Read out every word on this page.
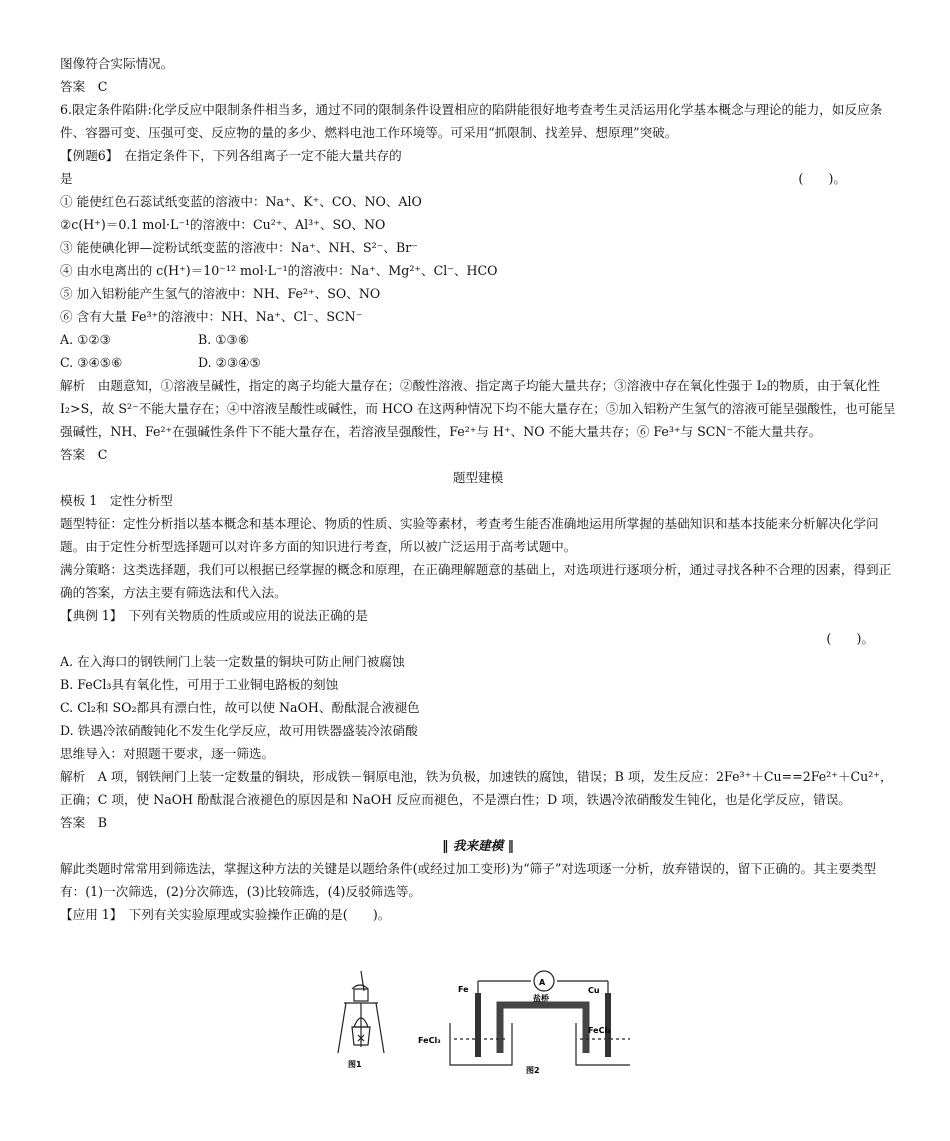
图像符合实际情况。
答案　C
6.限定条件陷阱:化学反应中限制条件相当多，通过不同的限制条件设置相应的陷阱能很好地考查考生灵活运用化学基本概念与理论的能力，如反应条件、容器可变、压强可变、反应物的量的多少、燃料电池工作环境等。可采用“抓限制、找差异、想原理”突破。
【例题6】　在指定条件下，下列各组离子一定不能大量共存的
是	(　　)。
① 能使红色石蕊试纸变蓝的溶液中：Na⁺、K⁺、CO、NO、AlO
②c(H⁺)＝0.1 mol·L⁻¹的溶液中：Cu²⁺、Al³⁺、SO、NO
③ 能使碘化钾—淀粉试纸变蓝的溶液中：Na⁺、NH、S²⁻、Br⁻
④ 由水电离出的 c(H⁺)＝10⁻¹² mol·L⁻¹的溶液中：Na⁺、Mg²⁺、Cl⁻、HCO
⑤ 加入铝粉能产生氢气的溶液中：NH、Fe²⁺、SO、NO
⑥ 含有大量 Fe³⁺的溶液中：NH、Na⁺、Cl⁻、SCN⁻
A. ①②③	B. ①③⑥
C. ③④⑤⑥	D. ②③④⑤
解析　由题意知，①溶液呈碱性，指定的离子均能大量存在；②酸性溶液、指定离子均能大量共存；③溶液中存在氧化性强于 I₂的物质，由于氧化性 I₂>S，故 S²⁻不能大量存在；④中溶液呈酸性或碱性，而 HCO 在这两种情况下均不能大量存在；⑤加入铝粉产生氢气的溶液可能呈强酸性，也可能呈强碱性，NH、Fe²⁺在强碱性条件下不能大量存在，若溶液呈强酸性，Fe²⁺与 H⁺、NO 不能大量共存；⑥ Fe³⁺与 SCN⁻不能大量共存。
答案　C
题型建模
模板 1　定性分析型
题型特征：定性分析指以基本概念和基本理论、物质的性质、实验等素材，考查考生能否准确地运用所掌握的基础知识和基本技能来分析解决化学问题。由于定性分析型选择题可以对许多方面的知识进行考查，所以被广泛运用于高考试题中。
满分策略：这类选择题，我们可以根据已经掌握的概念和原理，在正确理解题意的基础上，对选项进行逐项分析，通过寻找各种不合理的因素，得到正确的答案，方法主要有筛选法和代入法。
【典例 1】　下列有关物质的性质或应用的说法正确的是
(　　)。
A. 在入海口的钢铁闸门上装一定数量的铜块可防止闸门被腐蚀
B. FeCl₃具有氧化性，可用于工业铜电路板的刻蚀
C. Cl₂和 SO₂都具有漂白性，故可以使 NaOH、酚酞混合液褪色
D. 铁遇冷浓硝酸钝化不发生化学反应，故可用铁器盛装冷浓硝酸
思维导入：对照题干要求，逐一筛选。
解析　A 项，钢铁闸门上装一定数量的铜块，形成铁－铜原电池，铁为负极，加速铁的腐蚀，错误；B 项，发生反应：2Fe³⁺＋Cu==2Fe²⁺＋Cu²⁺，正确；C 项，使 NaOH 酚酞混合液褪色的原因是和 NaOH 反应而褪色，不是漂白性；D 项，铁遇冷浓硝酸发生钝化，也是化学反应，错误。
答案　B
‖ 我来建模 ‖
解此类题时常常用到筛选法，掌握这种方法的关键是以题给条件(或经过加工变形)为“筛子”对选项逐一分析，放弃错误的，留下正确的。其主要类型有：(1)一次筛选，(2)分次筛选，(3)比较筛选，(4)反驳筛选等。
【应用 1】　下列有关实验原理或实验操作正确的是(　　)。
图1
A
盐桥
Fe	Cu
FeCl₃
FeCl₃
图2
